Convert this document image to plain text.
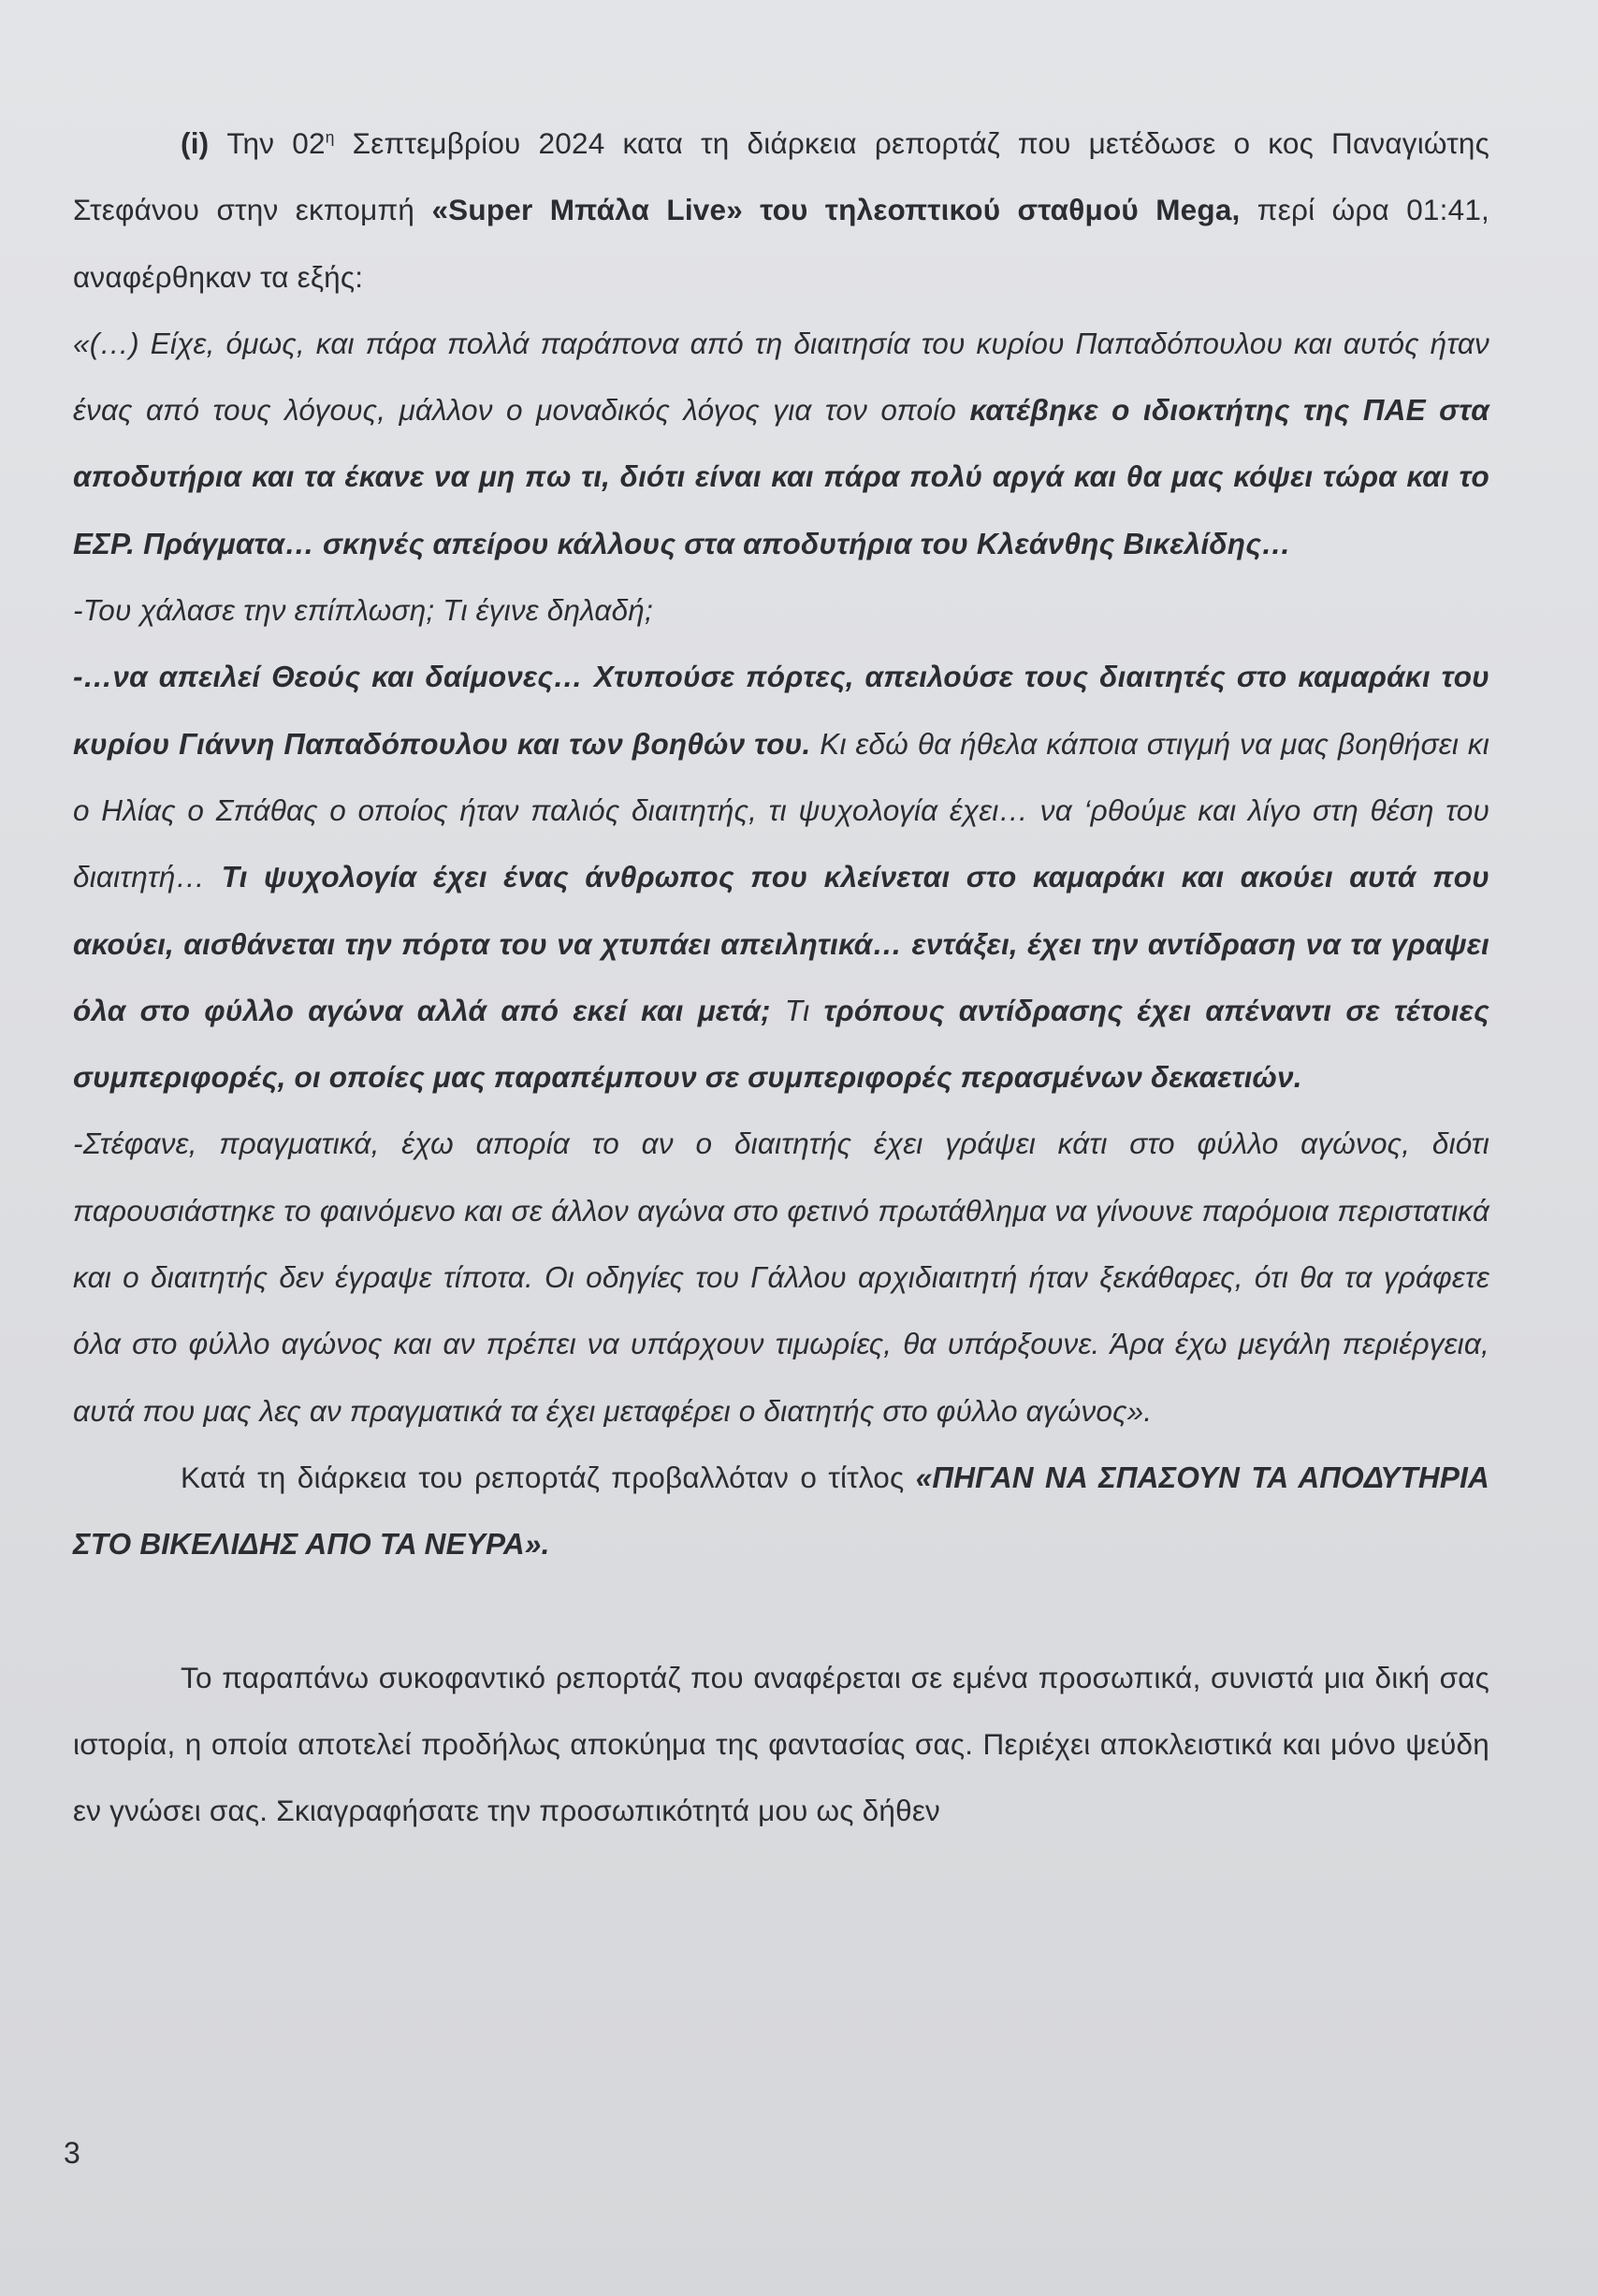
(i) Την $02^\eta$ Σεπτεμβρίου 2024 κατα τη διάρκεια ρεπορτάζ που μετέδωσε ο κος Παναγιώτης Στεφάνου στην εκπομπή «Super Μπάλα Live» του τηλεοπτικού σταθμού Mega, περί ώρα 01:41, αναφέρθηκαν τα εξής:

«(…) Είχε, όμως, και πάρα πολλά παράπονα από τη διαιτησία του κυρίου Παπαδόπουλου και αυτός ήταν ένας από τους λόγους, μάλλον ο μοναδικός λόγος για τον οποίο κατέβηκε ο ιδιοκτήτης της ΠΑΕ στα αποδυτήρια και τα έκανε να μη πω τι, διότι είναι και πάρα πολύ αργά και θα μας κόψει τώρα και το ΕΣΡ. Πράγματα… σκηνές απείρου κάλλους στα αποδυτήρια του Κλεάνθης Βικελίδης…

-Του χάλασε την επίπλωση; Τι έγινε δηλαδή;

-…να απειλεί Θεούς και δαίμονες… Χτυπούσε πόρτες, απειλούσε τους διαιτητές στο καμαράκι του κυρίου Γιάννη Παπαδόπουλου και των βοηθών του. Κι εδώ θα ήθελα κάποια στιγμή να μας βοηθήσει κι ο Ηλίας ο Σπάθας ο οποίος ήταν παλιός διαιτητής, τι ψυχολογία έχει… να ‘ρθούμε και λίγο στη θέση του διαιτητή… Τι ψυχολογία έχει ένας άνθρωπος που κλείνεται στο καμαράκι και ακούει αυτά που ακούει, αισθάνεται την πόρτα του να χτυπάει απειλητικά… εντάξει, έχει την αντίδραση να τα γραψει όλα στο φύλλο αγώνα αλλά από εκεί και μετά; Τι τρόπους αντίδρασης έχει απέναντι σε τέτοιες συμπεριφορές, οι οποίες μας παραπέμπουν σε συμπεριφορές περασμένων δεκαετιών.

-Στέφανε, πραγματικά, έχω απορία το αν ο διαιτητής έχει γράψει κάτι στο φύλλο αγώνος, διότι παρουσιάστηκε το φαινόμενο και σε άλλον αγώνα στο φετινό πρωτάθλημα να γίνουνε παρόμοια περιστατικά και ο διαιτητής δεν έγραψε τίποτα. Οι οδηγίες του Γάλλου αρχιδιαιτητή ήταν ξεκάθαρες, ότι θα τα γράφετε όλα στο φύλλο αγώνος και αν πρέπει να υπάρχουν τιμωρίες, θα υπάρξουνε. Άρα έχω μεγάλη περιέργεια, αυτά που μας λες αν πραγματικά τα έχει μεταφέρει ο διατητής στο φύλλο αγώνος».

Κατά τη διάρκεια του ρεπορτάζ προβαλλόταν ο τίτλος «ΠΗΓΑΝ ΝΑ ΣΠΑΣΟΥΝ ΤΑ ΑΠΟΔΥΤΗΡΙΑ ΣΤΟ ΒΙΚΕΛΙΔΗΣ ΑΠΟ ΤΑ ΝΕΥΡΑ».

Το παραπάνω συκοφαντικό ρεπορτάζ που αναφέρεται σε εμένα προσωπικά, συνιστά μια δική σας ιστορία, η οποία αποτελεί προδήλως αποκύημα της φαντασίας σας. Περιέχει αποκλειστικά και μόνο ψεύδη εν γνώσει σας. Σκιαγραφήσατε την προσωπικότητά μου ως δήθεν

3
